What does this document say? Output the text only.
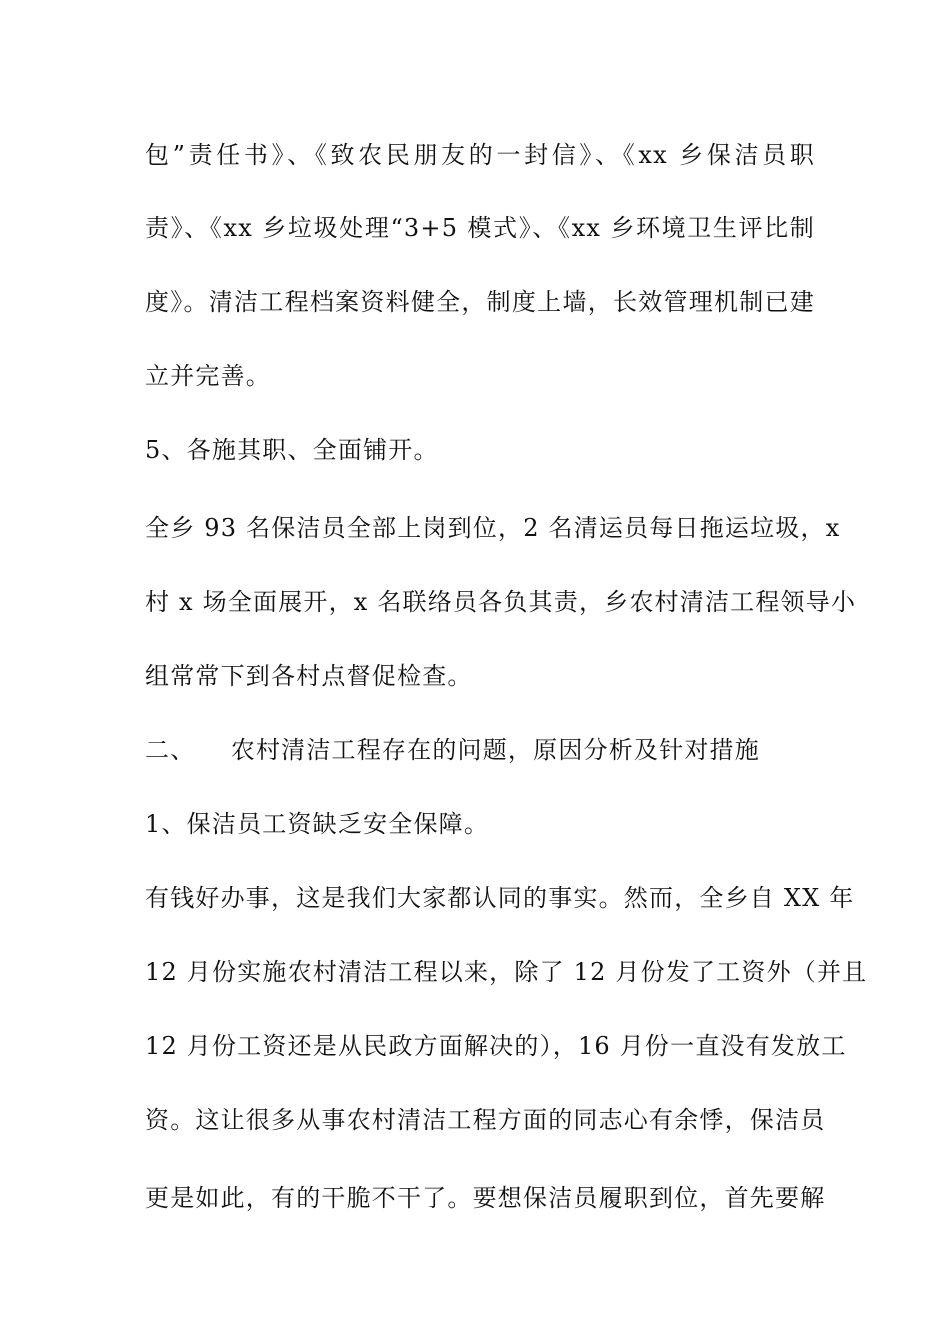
包”责任书》、《致农民朋友的一封信》、《xx 乡保洁员职
责》、《xx 乡垃圾处理“3+5 模式》、《xx 乡环境卫生评比制
度》。清洁工程档案资料健全，制度上墙，长效管理机制已建
立并完善。
5、各施其职、全面铺开。
全乡 93 名保洁员全部上岗到位，2 名清运员每日拖运垃圾，x
村 x 场全面展开，x 名联络员各负其责，乡农村清洁工程领导小
组常常下到各村点督促检查。
二、    农村清洁工程存在的问题，原因分析及针对措施
1、保洁员工资缺乏安全保障。
有钱好办事，这是我们大家都认同的事实。然而，全乡自 XX 年
12 月份实施农村清洁工程以来，除了 12 月份发了工资外（并且
12 月份工资还是从民政方面解决的），16 月份一直没有发放工
资。这让很多从事农村清洁工程方面的同志心有余悸，保洁员
更是如此，有的干脆不干了。要想保洁员履职到位，首先要解
